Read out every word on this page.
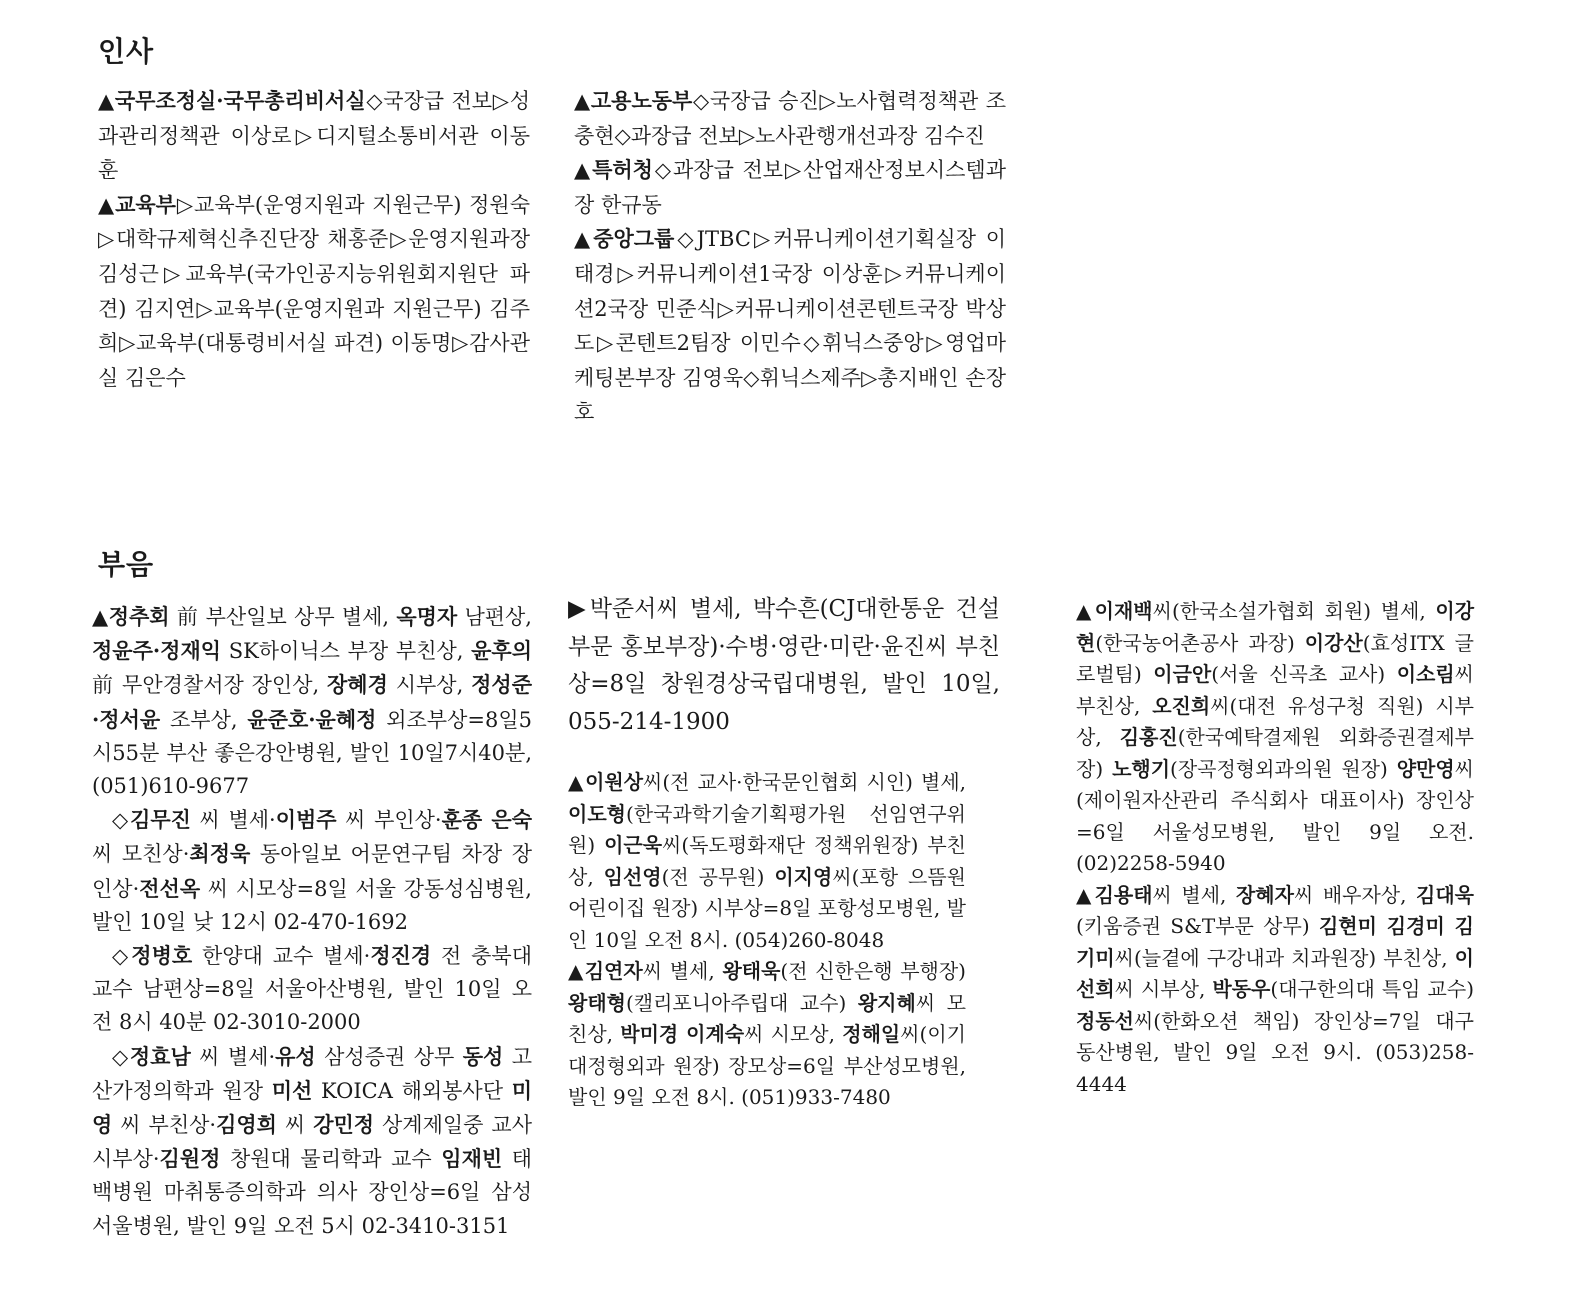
인사

▲국무조정실·국무총리비서실◇국장급 전보▷성과관리정책관 이상로▷디지털소통비서관 이동훈

▲교육부▷교육부(운영지원과 지원근무) 정원숙▷대학규제혁신추진단장 채홍준▷운영지원과장 김성근▷교육부(국가인공지능위원회지원단 파견) 김지연▷교육부(운영지원과 지원근무) 김주희▷교육부(대통령비서실 파견) 이동명▷감사관실 김은수

▲고용노동부◇국장급 승진▷노사협력정책관 조충현◇과장급 전보▷노사관행개선과장 김수진

▲특허청◇과장급 전보▷산업재산정보시스템과장 한규동

▲중앙그룹◇JTBC▷커뮤니케이션기획실장 이태경▷커뮤니케이션1국장 이상훈▷커뮤니케이션2국장 민준식▷커뮤니케이션콘텐트국장 박상도▷콘텐트2팀장 이민수◇휘닉스중앙▷영업마케팅본부장 김영욱◇휘닉스제주▷총지배인 손장호

부음

▲정추회 前 부산일보 상무 별세, 옥명자 남편상, 정윤주·정재익 SK하이닉스 부장 부친상, 윤후의 前 무안경찰서장 장인상, 장혜경 시부상, 정성준·정서윤 조부상, 윤준호·윤혜정 외조부상=8일5시55분 부산 좋은강안병원, 발인 10일7시40분, (051)610-9677

◇김무진 씨 별세·이범주 씨 부인상·훈종 은숙 씨 모친상·최정욱 동아일보 어문연구팀 차장 장인상·전선옥 씨 시모상=8일 서울 강동성심병원, 발인 10일 낮 12시 02-470-1692

◇정병호 한양대 교수 별세·정진경 전 충북대 교수 남편상=8일 서울아산병원, 발인 10일 오전 8시 40분 02-3010-2000

◇정효남 씨 별세·유성 삼성증권 상무 동성 고산가정의학과 원장 미선 KOICA 해외봉사단 미영 씨 부친상·김영희 씨 강민정 상계제일중 교사 시부상·김원정 창원대 물리학과 교수 임재빈 태백병원 마취통증의학과 의사 장인상=6일 삼성서울병원, 발인 9일 오전 5시 02-3410-3151

▶박준서씨 별세, 박수흔(CJ대한통운 건설부문 홍보부장)·수병·영란·미란·윤진씨 부친상=8일 창원경상국립대병원, 발인 10일, 055-214-1900

▲이원상씨(전 교사·한국문인협회 시인) 별세, 이도형(한국과학기술기획평가원 선임연구위원) 이근욱씨(독도평화재단 정책위원장) 부친상, 임선영(전 공무원) 이지영씨(포항 으뜸원어린이집 원장) 시부상=8일 포항성모병원, 발인 10일 오전 8시. (054)260-8048

▲김연자씨 별세, 왕태욱(전 신한은행 부행장) 왕태형(캘리포니아주립대 교수) 왕지혜씨 모친상, 박미경 이계숙씨 시모상, 정해일씨(이기대정형외과 원장) 장모상=6일 부산성모병원, 발인 9일 오전 8시. (051)933-7480

▲이재백씨(한국소설가협회 회원) 별세, 이강현(한국농어촌공사 과장) 이강산(효성ITX 글로벌팀) 이금안(서울 신곡초 교사) 이소림씨 부친상, 오진희씨(대전 유성구청 직원) 시부상, 김홍진(한국예탁결제원 외화증권결제부장) 노행기(장곡정형외과의원 원장) 양만영씨(제이원자산관리 주식회사 대표이사) 장인상=6일 서울성모병원, 발인 9일 오전. (02)2258-5940

▲김용태씨 별세, 장혜자씨 배우자상, 김대욱(키움증권 S&T부문 상무) 김현미 김경미 김기미씨(늘곁에 구강내과 치과원장) 부친상, 이선희씨 시부상, 박동우(대구한의대 특임 교수) 정동선씨(한화오션 책임) 장인상=7일 대구 동산병원, 발인 9일 오전 9시. (053)258-4444
